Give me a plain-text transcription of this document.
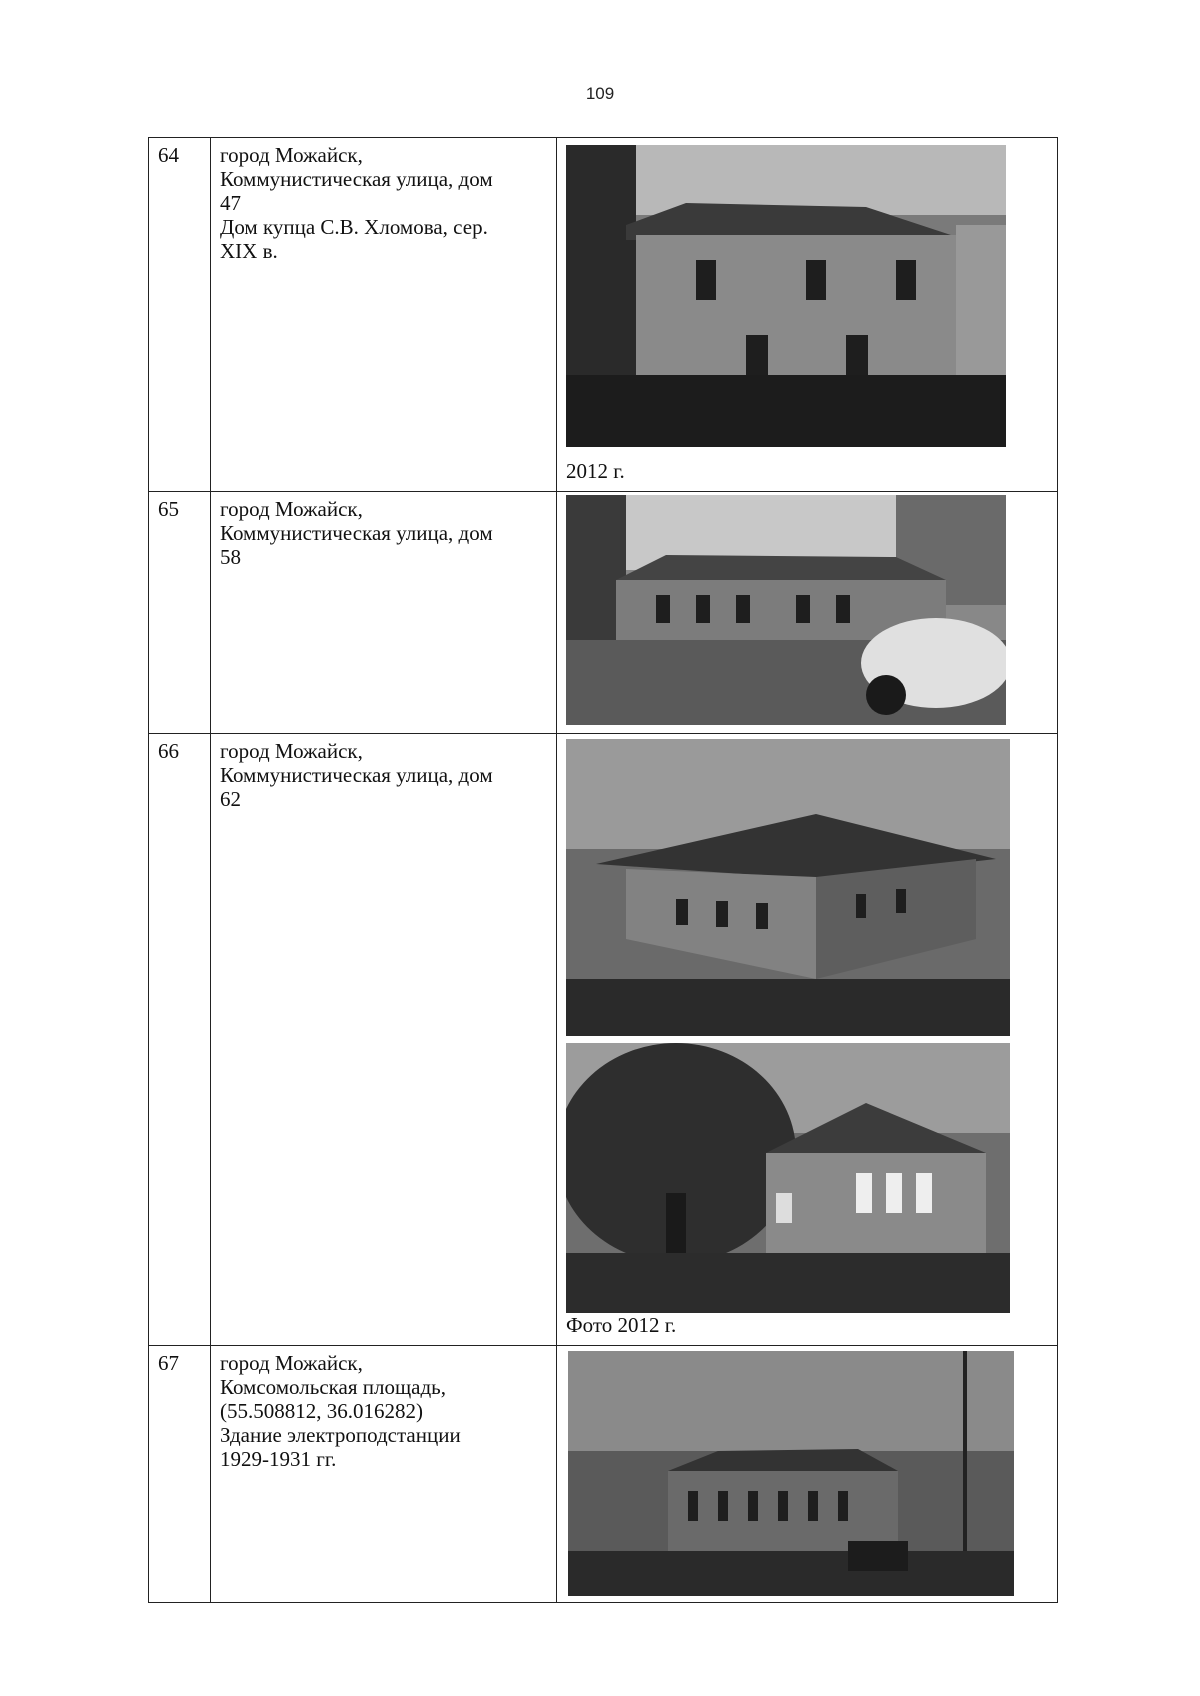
109
64 город Можайск,
Коммунистическая улица, дом
47
Дом купца С.В. Хломова, сер.
XIX в.
2012 г.
65 город Можайск,
Коммунистическая улица, дом
58
66 город Можайск,
Коммунистическая улица, дом
62
Фото 2012 г.
67 город Можайск,
Комсомольская площадь,
(55.508812, 36.016282)
Здание электроподстанции
1929-1931 гг.
